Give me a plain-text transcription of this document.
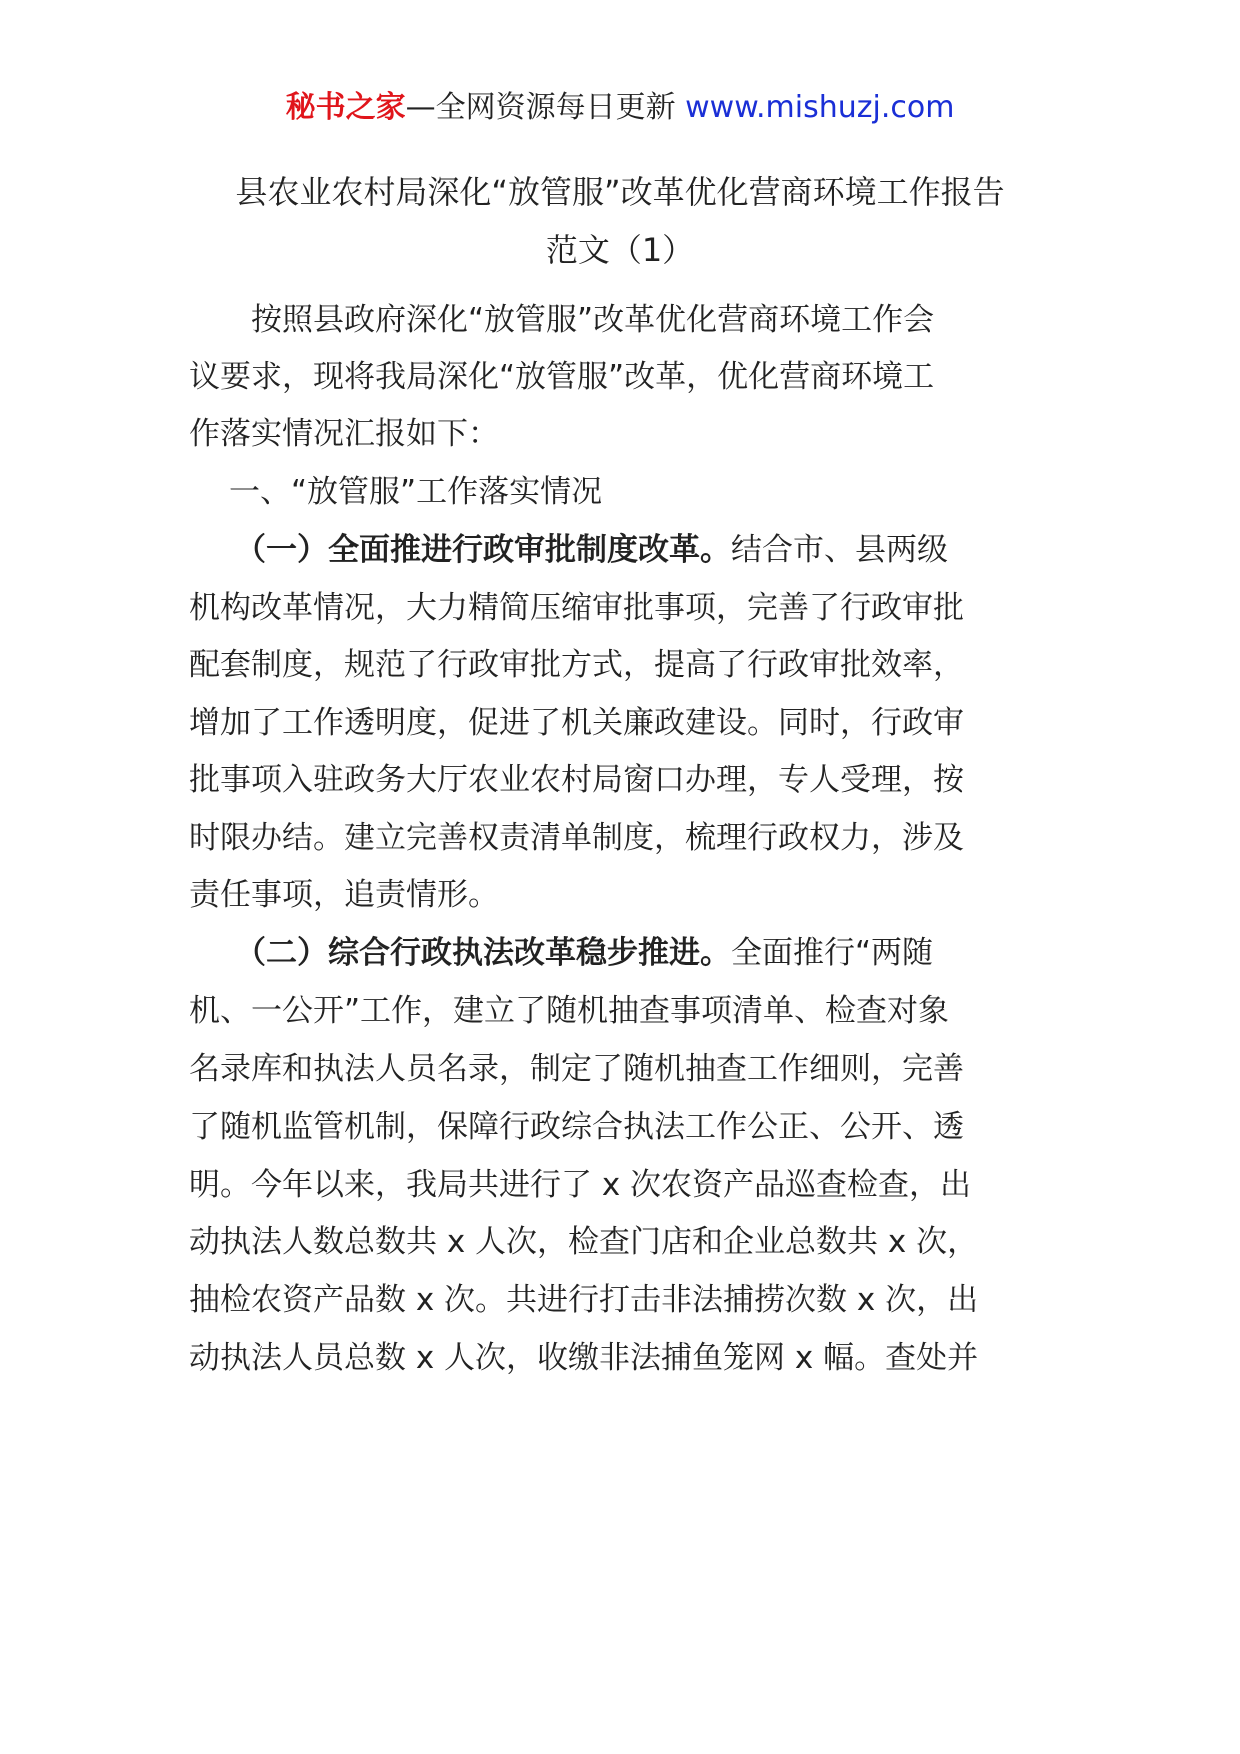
秘书之家—全网资源每日更新 www.mishuzj.com
县农业农村局深化“放管服”改革优化营商环境工作报告
范文（1）
按照县政府深化“放管服”改革优化营商环境工作会
议要求，现将我局深化“放管服”改革，优化营商环境工
作落实情况汇报如下：
一、“放管服”工作落实情况
（一）全面推进行政审批制度改革。结合市、县两级
机构改革情况，大力精简压缩审批事项，完善了行政审批
配套制度，规范了行政审批方式，提高了行政审批效率，
增加了工作透明度，促进了机关廉政建设。同时，行政审
批事项入驻政务大厅农业农村局窗口办理，专人受理，按
时限办结。建立完善权责清单制度，梳理行政权力，涉及
责任事项，追责情形。
（二）综合行政执法改革稳步推进。全面推行“两随
机、一公开”工作，建立了随机抽查事项清单、检查对象
名录库和执法人员名录，制定了随机抽查工作细则，完善
了随机监管机制，保障行政综合执法工作公正、公开、透
明。今年以来，我局共进行了 x 次农资产品巡查检查，出
动执法人数总数共 x 人次，检查门店和企业总数共 x 次，
抽检农资产品数 x 次。共进行打击非法捕捞次数 x 次，出
动执法人员总数 x 人次，收缴非法捕鱼笼网 x 幅。查处并
